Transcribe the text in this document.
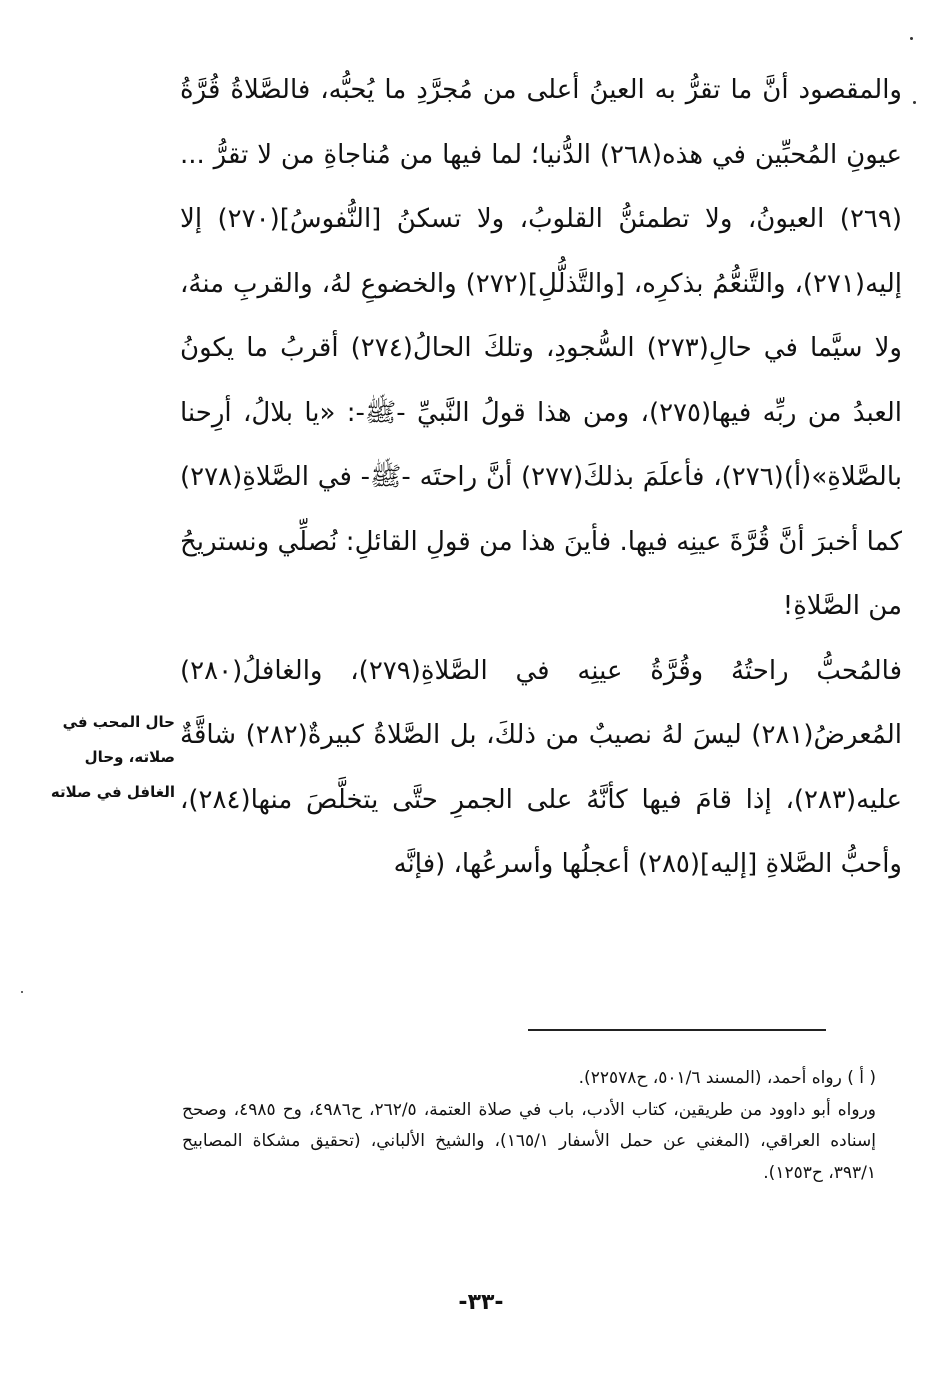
والمقصود أنَّ ما تقرُّ به العينُ أعلى من مُجرَّدِ ما يُحبُّه، فالصَّلاةُ قُرَّةُ عيونِ المُحبِّين في هذه(٢٦٨) الدُّنيا؛ لما فيها من مُناجاةِ من لا تقرُّ ...(٢٦٩) العيونُ، ولا تطمئنُّ القلوبُ، ولا تسكنُ [النُّفوسُ](٢٧٠) إلا إليه(٢٧١)، والتَّنعُّمُ بذكرِه، [والتَّذلُّلِ](٢٧٢) والخضوعِ لهُ، والقربِ منهُ، ولا سيَّما في حالِ(٢٧٣) السُّجودِ، وتلكَ الحالُ(٢٧٤) أقربُ ما يكونُ العبدُ من ربِّه فيها(٢٧٥)، ومن هذا قولُ النَّبيِّ -ﷺ-: «يا بلالُ، أرِحنا بالصَّلاةِ»(أ)(٢٧٦)، فأعلَمَ بذلكَ(٢٧٧) أنَّ راحتَه -ﷺ- في الصَّلاةِ(٢٧٨) كما أخبرَ أنَّ قُرَّةَ عينِه فيها. فأينَ هذا من قولِ القائلِ: نُصلِّي ونستريحُ من الصَّلاةِ!

فالمُحبُّ راحتُهُ وقُرَّةُ عينِه في الصَّلاةِ(٢٧٩)، والغافلُ(٢٨٠) المُعرضُ(٢٨١) ليسَ لهُ نصيبٌ من ذلكَ، بل الصَّلاةُ كبيرةٌ(٢٨٢) شاقَّةٌ عليه(٢٨٣)، إذا قامَ فيها كأنَّهُ على الجمرِ حتَّى يتخلَّصَ منها(٢٨٤)، وأحبُّ الصَّلاةِ [إليه](٢٨٥) أعجلُها وأسرعُها، (فإنَّه

حال المحب في
صلاته، وحال
الغافل في صلاته

( أ ) رواه أحمد، (المسند ٥٠١/٦، ح٢٢٥٧٨).

ورواه أبو داوود من طريقين، كتاب الأدب، باب في صلاة العتمة، ٢٦٢/٥، ح٤٩٨٦، وح ٤٩٨٥، وصحح إسناده العراقي، (المغني عن حمل الأسفار ١٦٥/١)، والشيخ الألباني، (تحقيق مشكاة المصابيح ٣٩٣/١، ح١٢٥٣).

-٣٣-
